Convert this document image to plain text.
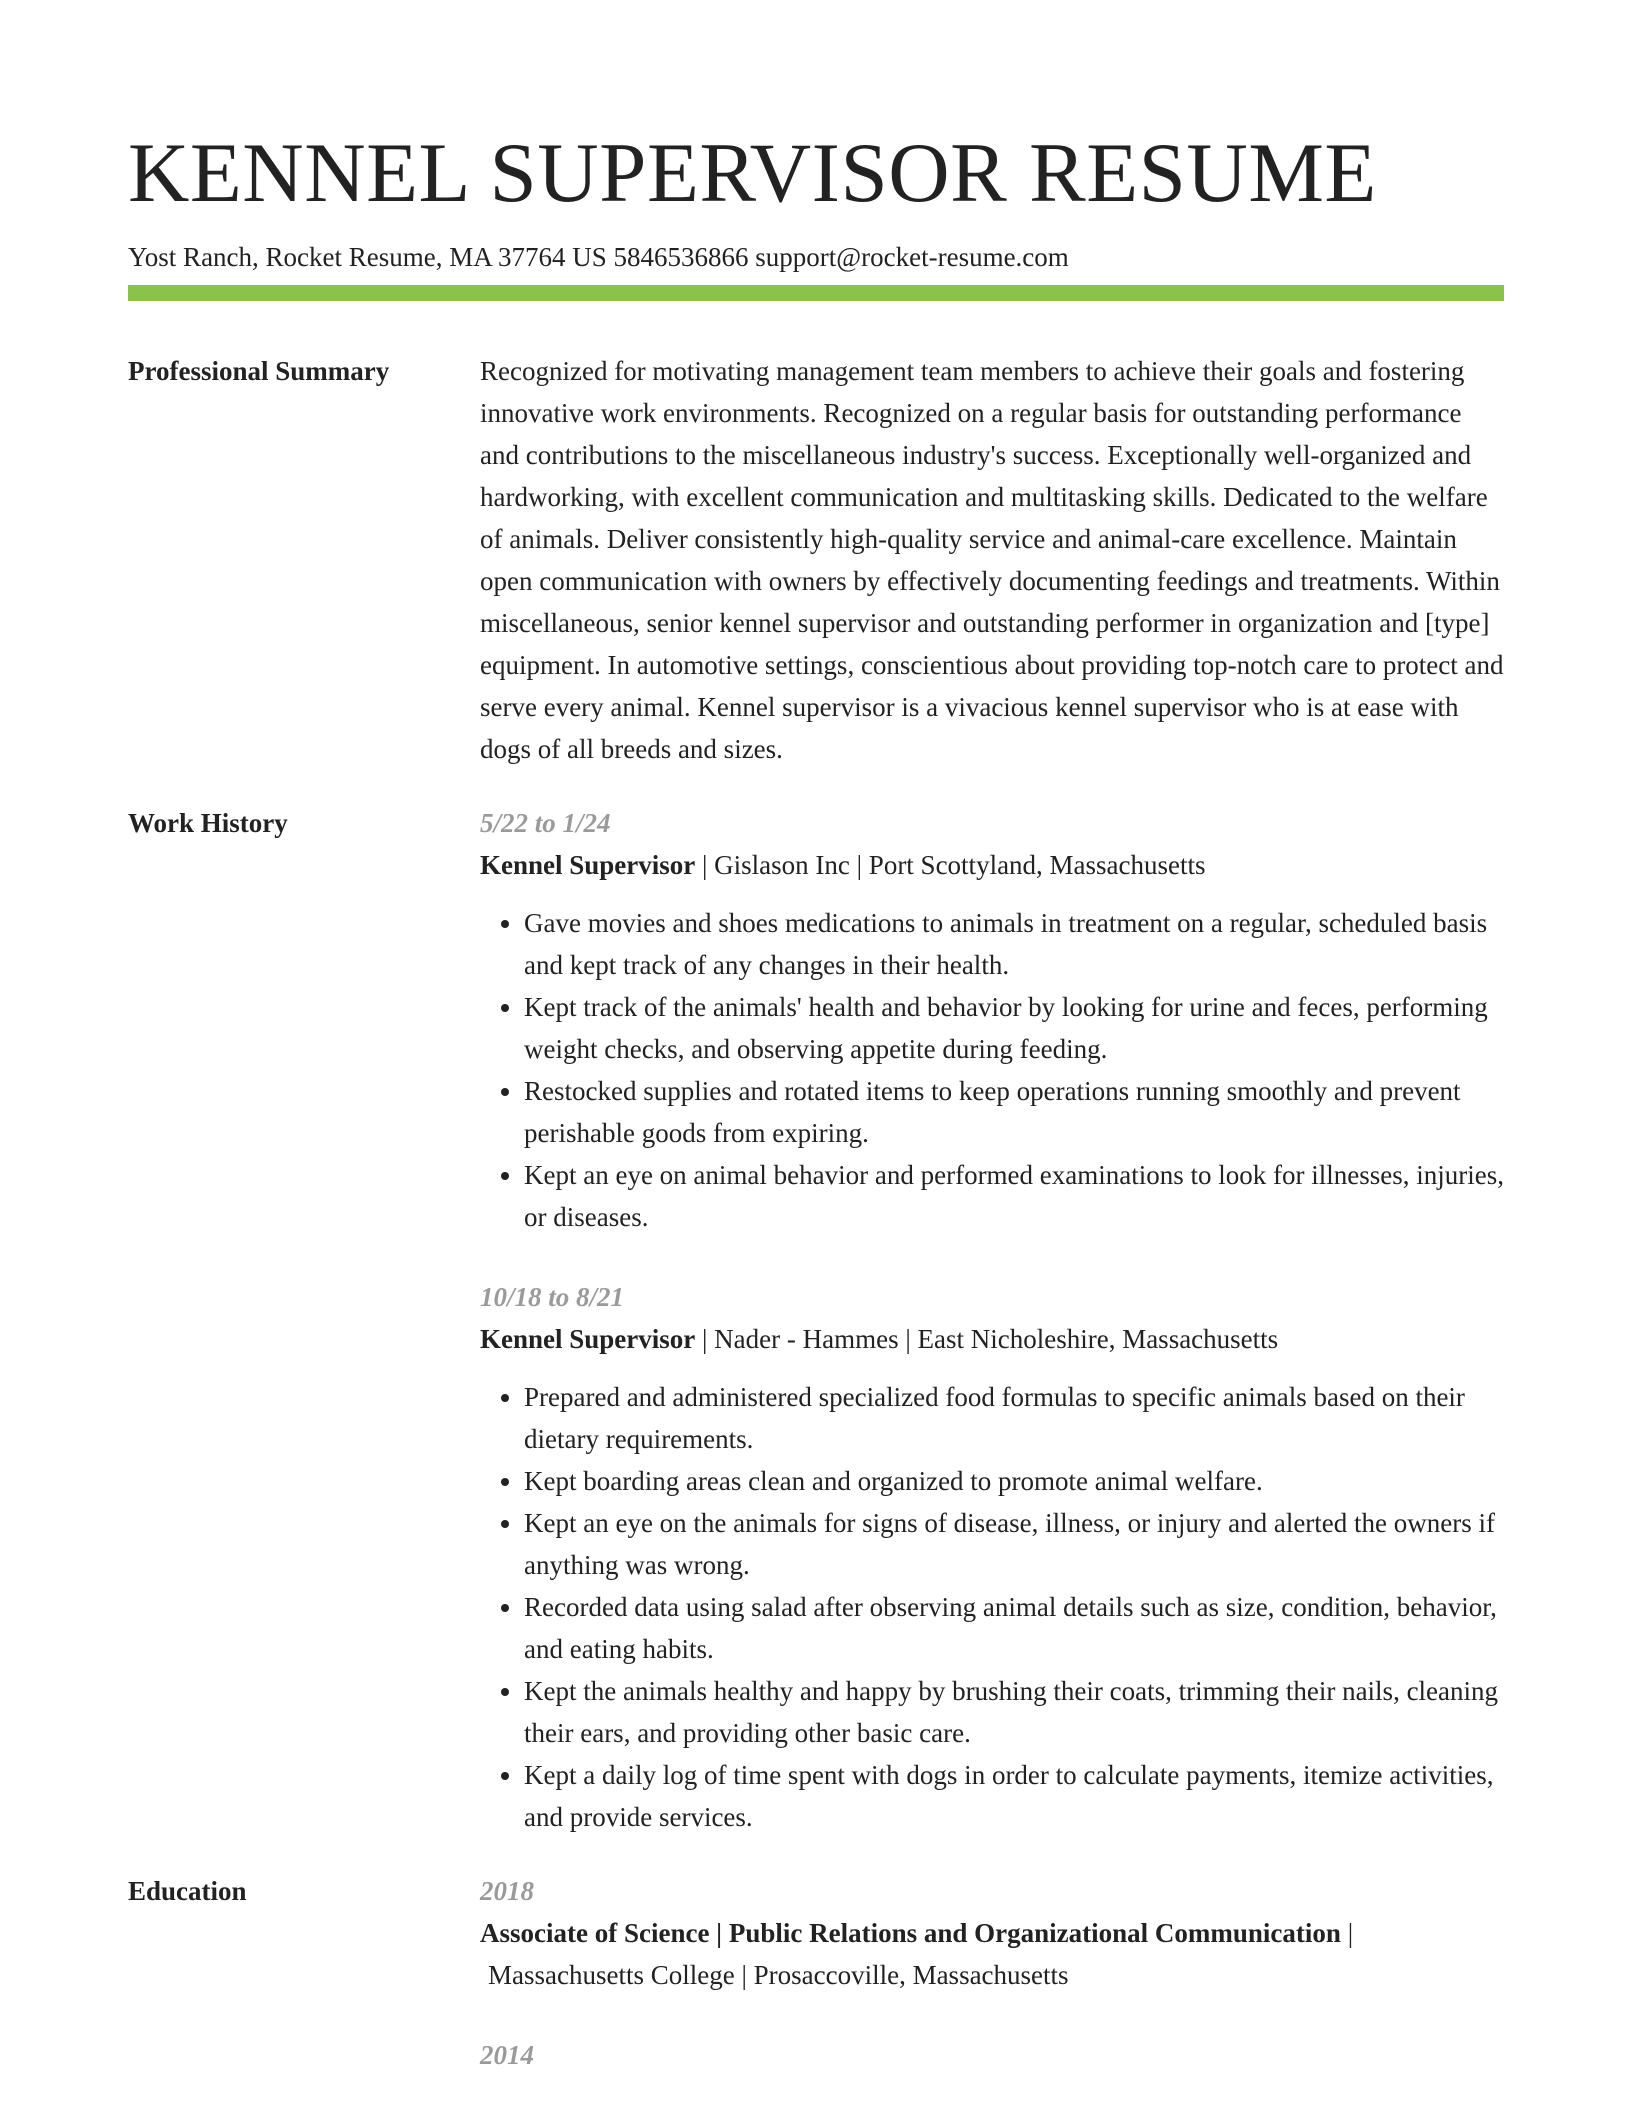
KENNEL SUPERVISOR RESUME
Yost Ranch, Rocket Resume, MA 37764 US 5846536866 support@rocket-resume.com
Professional Summary	Recognized for motivating management team members to achieve their goals and fostering innovative work environments. Recognized on a regular basis for outstanding performance and contributions to the miscellaneous industry's success. Exceptionally well-organized and hardworking, with excellent communication and multitasking skills. Dedicated to the welfare of animals. Deliver consistently high-quality service and animal-care excellence. Maintain open communication with owners by effectively documenting feedings and treatments. Within miscellaneous, senior kennel supervisor and outstanding performer in organization and [type] equipment. In automotive settings, conscientious about providing top-notch care to protect and serve every animal. Kennel supervisor is a vivacious kennel supervisor who is at ease with dogs of all breeds and sizes.

Work History	5/22 to 1/24
Kennel Supervisor | Gislason Inc | Port Scottyland, Massachusetts
• Gave movies and shoes medications to animals in treatment on a regular, scheduled basis and kept track of any changes in their health.
• Kept track of the animals' health and behavior by looking for urine and feces, performing weight checks, and observing appetite during feeding.
• Restocked supplies and rotated items to keep operations running smoothly and prevent perishable goods from expiring.
• Kept an eye on animal behavior and performed examinations to look for illnesses, injuries, or diseases.
10/18 to 8/21
Kennel Supervisor | Nader - Hammes | East Nicholeshire, Massachusetts
• Prepared and administered specialized food formulas to specific animals based on their dietary requirements.
• Kept boarding areas clean and organized to promote animal welfare.
• Kept an eye on the animals for signs of disease, illness, or injury and alerted the owners if anything was wrong.
• Recorded data using salad after observing animal details such as size, condition, behavior, and eating habits.
• Kept the animals healthy and happy by brushing their coats, trimming their nails, cleaning their ears, and providing other basic care.
• Kept a daily log of time spent with dogs in order to calculate payments, itemize activities, and provide services.
Education	2018
Associate of Science | Public Relations and Organizational Communication |
Massachusetts College | Prosaccoville, Massachusetts
2014
